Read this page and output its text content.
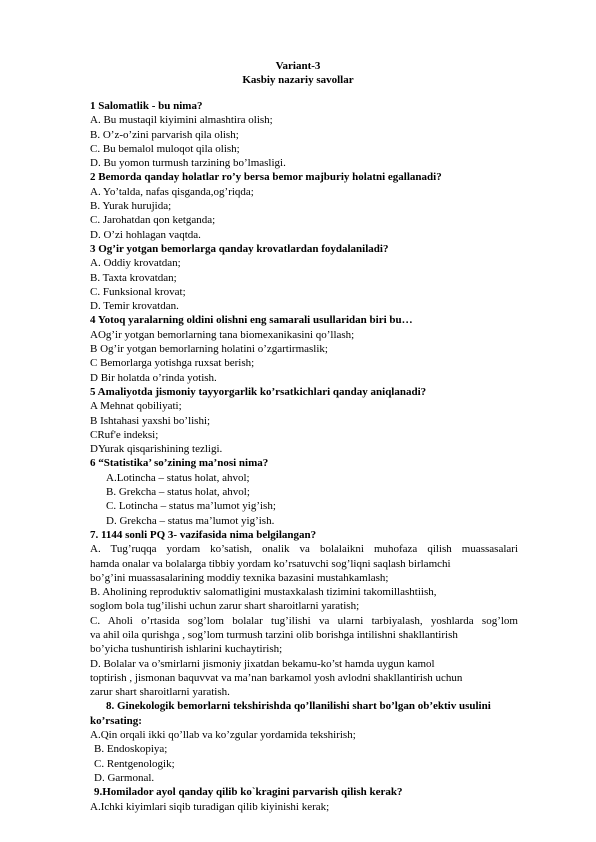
Variant-3
Kasbiy nazariy savollar
1 Salomatlik - bu nima?
A. Bu mustaqil kiyimini almashtira olish;
B. O’z-o’zini parvarish qila olish;
C. Bu bemalol muloqot qila olish;
D. Bu yomon turmush tarzining bo’lmasligi.
2 Bemorda qanday holatlar ro’y bersa bemor majburiy holatni egallanadi?
A. Yo’talda, nafas qisganda,og’riqda;
B. Yurak hurujida;
C. Jarohatdan qon ketganda;
D. O’zi hohlagan vaqtda.
3 Og’ir yotgan bemorlarga qanday krovatlardan foydalaniladi?
A. Oddiy krovatdan;
B. Taxta krovatdan;
C. Funksional krovat;
D. Temir krovatdan.
4 Yotoq yaralarning oldini olishni eng samarali usullaridan biri bu…
AOg’ir yotgan bemorlarning tana biomexanikasini qo’llash;
B Og’ir yotgan bemorlarning holatini o’zgartirmaslik;
C Bemorlarga yotishga ruxsat berish;
D Bir holatda o’rinda yotish.
5 Amaliyotda jismoniy tayyorgarlik ko’rsatkichlari qanday aniqlanadi?
A Mehnat qobiliyati;
B Ishtahasi yaxshi bo’lishi;
CRuf'e indeksi;
DYurak qisqarishining tezligi.
6 “Statistika’ so’zining ma’nosi nima?
A.Lotincha – status holat, ahvol;
B. Grekcha – status holat, ahvol;
C. Lotincha – status ma’lumot yig’ish;
D. Grekcha – status ma’lumot yig’ish.
7. 1144 sonli PQ 3- vazifasida nima belgilangan?
A. Tug’ruqqa yordam ko’satish, onalik va bolalaikni muhofaza qilish muassasalari
hamda onalar va bolalarga tibbiy yordam ko’rsatuvchi sog’liqni saqlash birlamchi
bo’g’ini muassasalarining moddiy texnika bazasini mustahkamlash;
B. Aholining reproduktiv salomatligini mustaxkalash tizimini takomillashtiish,
soglom bola tug’ilishi uchun zarur shart sharoitlarni yaratish;
C. Aholi o’rtasida sog’lom bolalar tug’ilishi va ularni tarbiyalash, yoshlarda sog’lom
va ahil oila qurishga , sog’lom turmush tarzini olib borishga intilishni shakllantirish
bo’yicha tushuntirish ishlarini kuchaytirish;
D. Bolalar va o’smirlarni jismoniy jixatdan bekamu-ko’st hamda uygun kamol
toptirish , jismonan baquvvat va ma’nan barkamol yosh avlodni shakllantirish uchun
zarur shart sharoitlarni yaratish.
8. Ginekologik bemorlarni tekshirishda qo’llanilishi shart bo’lgan ob’ektiv usulini
ko’rsating:
A.Qin orqali ikki qo’llab va ko’zgular yordamida tekshirish;
B. Endoskopiya;
C. Rentgenologik;
D. Garmonal.
9.Homilador ayol qanday qilib ko`kragini parvarish qilish kerak?
A.Ichki kiyimlari siqib turadigan qilib kiyinishi kerak;
